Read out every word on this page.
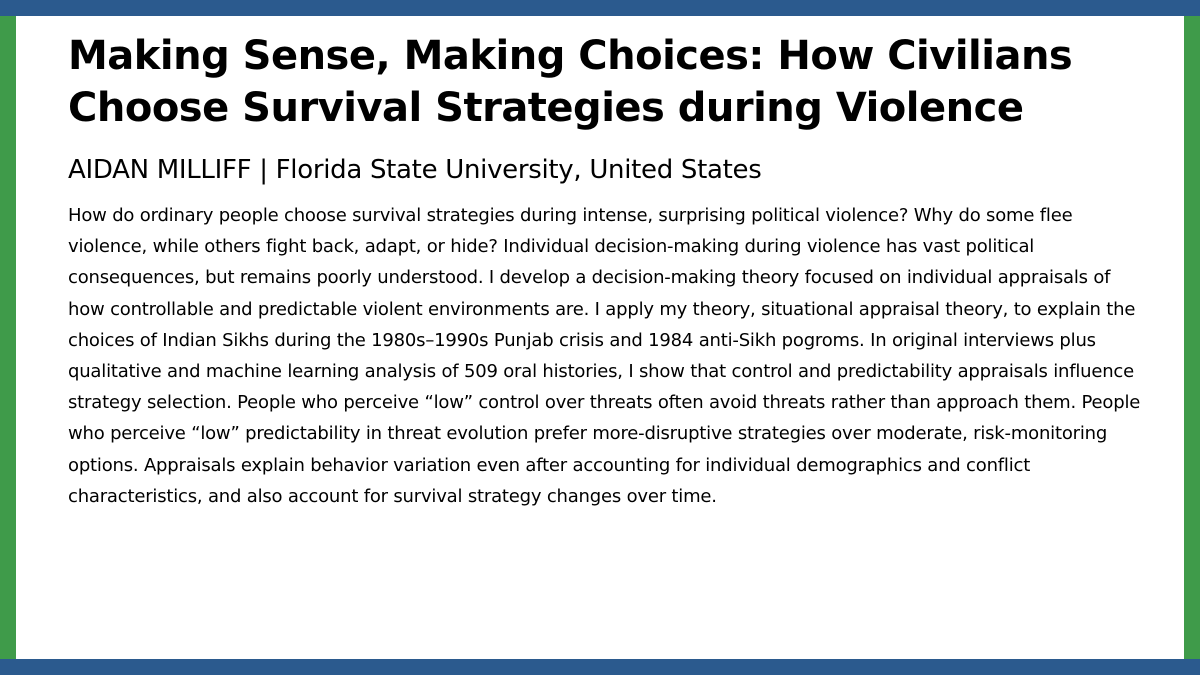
Making Sense, Making Choices: How Civilians Choose Survival Strategies during Violence

AIDAN MILLIFF | Florida State University, United States

How do ordinary people choose survival strategies during intense, surprising political violence? Why do some flee violence, while others fight back, adapt, or hide? Individual decision-making during violence has vast political consequences, but remains poorly understood. I develop a decision-making theory focused on individual appraisals of how controllable and predictable violent environments are. I apply my theory, situational appraisal theory, to explain the choices of Indian Sikhs during the 1980s–1990s Punjab crisis and 1984 anti-Sikh pogroms. In original interviews plus qualitative and machine learning analysis of 509 oral histories, I show that control and predictability appraisals influence strategy selection. People who perceive “low” control over threats often avoid threats rather than approach them. People who perceive “low” predictability in threat evolution prefer more-disruptive strategies over moderate, risk-monitoring options. Appraisals explain behavior variation even after accounting for individual demographics and conflict characteristics, and also account for survival strategy changes over time.
